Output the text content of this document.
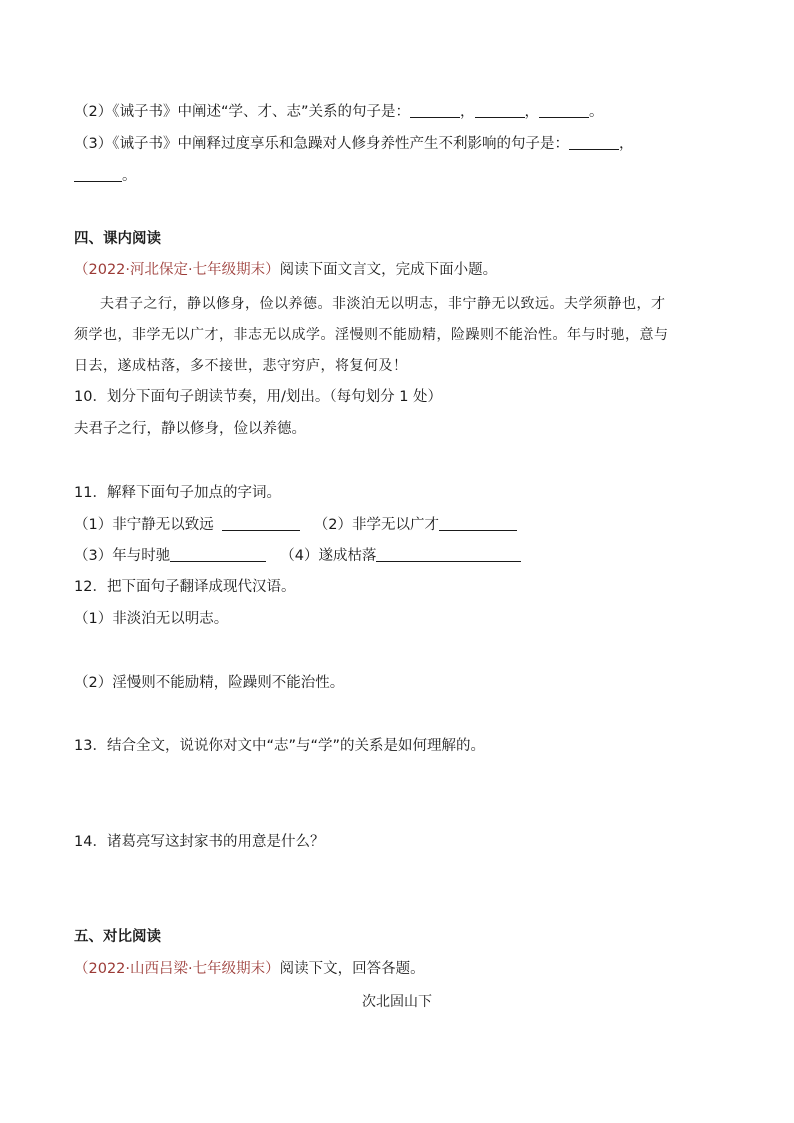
（2）《诫子书》中阐述“学、才、志”关系的句子是：	，	，	。
（3）《诫子书》中阐释过度享乐和急躁对人修身养性产生不利影响的句子是：	，
。
四、课内阅读
（2022·河北保定·七年级期末）阅读下面文言文，完成下面小题。
夫君子之行，静以修身，俭以养德。非淡泊无以明志，非宁静无以致远。夫学须静也，才
须学也，非学无以广才，非志无以成学。淫慢则不能励精，险躁则不能治性。年与时驰，意与
日去，遂成枯落，多不接世，悲守穷庐，将复何及！
10．划分下面句子朗读节奏，用/划出。（每句划分 1 处）
夫君子之行，静以修身，俭以养德。
11．解释下面句子加点的字词。
（1）非宁静无以致远	（2）非学无以广才
（3）年与时驰	（4）遂成枯落
12．把下面句子翻译成现代汉语。
（1）非淡泊无以明志。
（2）淫慢则不能励精，险躁则不能治性。
13．结合全文，说说你对文中“志”与“学”的关系是如何理解的。
14．诸葛亮写这封家书的用意是什么？
五、对比阅读
（2022·山西吕梁·七年级期末）阅读下文，回答各题。
次北固山下
